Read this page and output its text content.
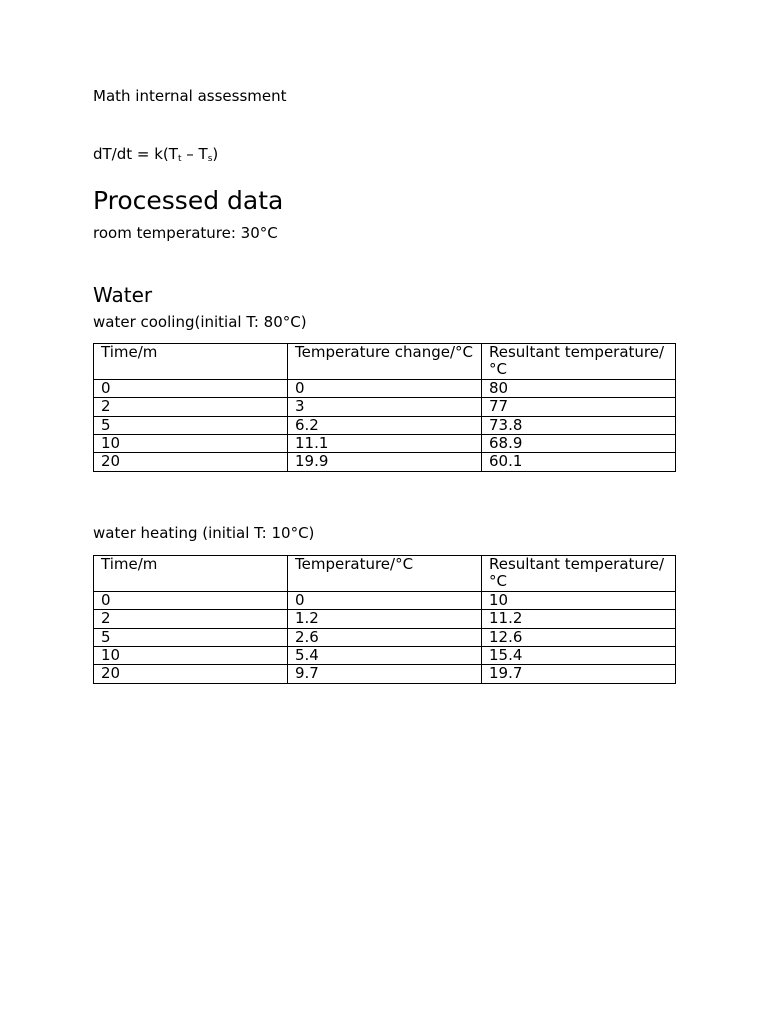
Math internal assessment
$dT/dt = k(T_t - T_s)$
Processed data
room temperature: 30°C
Water
water cooling(initial T: 80°C)
Time/m	Temperature change/°C	Resultant temperature/°C
0	0	80
2	3	77
5	6.2	73.8
10	11.1	68.9
20	19.9	60.1
water heating (initial T: 10°C)
Time/m	Temperature/°C	Resultant temperature/°C
0	0	10
2	1.2	11.2
5	2.6	12.6
10	5.4	15.4
20	9.7	19.7
